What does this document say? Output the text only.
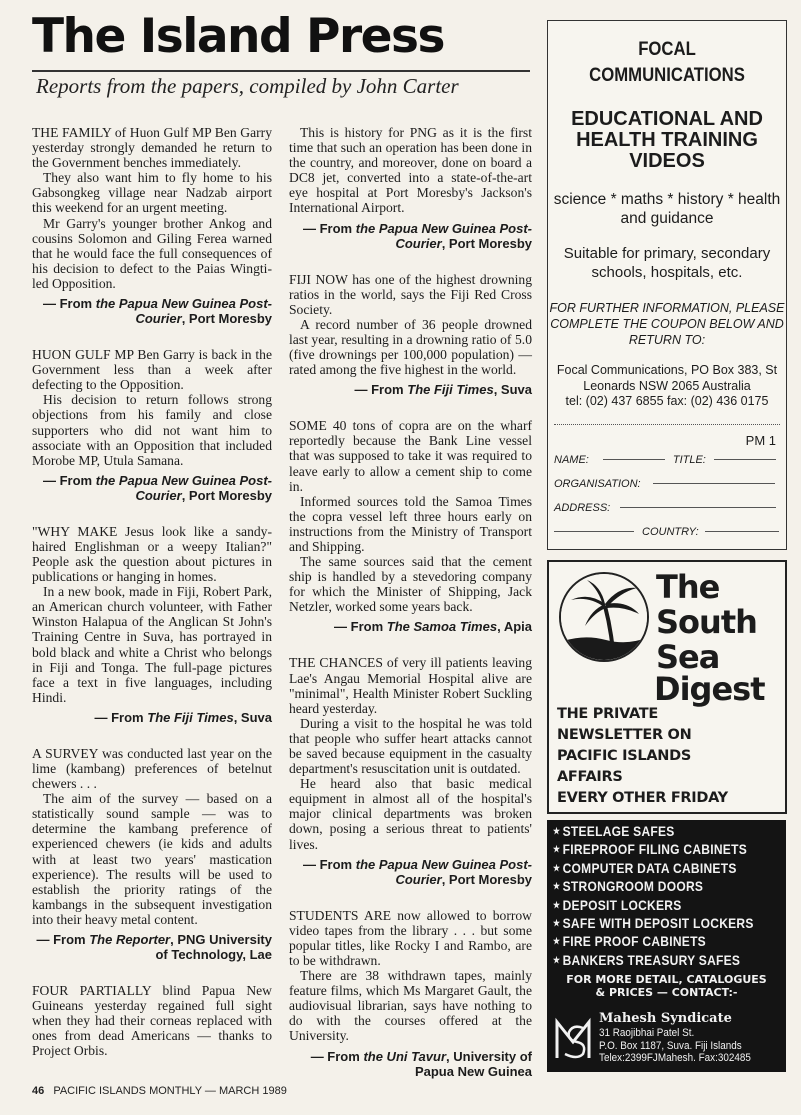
The Island Press
Reports from the papers, compiled by John Carter

THE FAMILY of Huon Gulf MP Ben Garry yesterday strongly demanded he return to the Government benches immediately.

They also want him to fly home to his Gabsongkeg village near Nadzab airport this weekend for an urgent meeting.

Mr Garry's younger brother Ankog and cousins Solomon and Giling Ferea warned that he would face the full consequences of his decision to defect to the Paias Wingti-led Opposition.

— From the Papua New Guinea Post-Courier, Port Moresby

HUON GULF MP Ben Garry is back in the Government less than a week after defecting to the Opposition.

His decision to return follows strong objections from his family and close supporters who did not want him to associate with an Opposition that included Morobe MP, Utula Samana.

— From the Papua New Guinea Post-Courier, Port Moresby

"WHY MAKE Jesus look like a sandy-haired Englishman or a weepy Italian?" People ask the question about pictures in publications or hanging in homes.

In a new book, made in Fiji, Robert Park, an American church volunteer, with Father Winston Halapua of the Anglican St John's Training Centre in Suva, has portrayed in bold black and white a Christ who belongs in Fiji and Tonga. The full-page pictures face a text in five languages, including Hindi.

— From The Fiji Times, Suva

A SURVEY was conducted last year on the lime (kambang) preferences of betelnut chewers . . .

The aim of the survey — based on a statistically sound sample — was to determine the kambang preference of experienced chewers (ie kids and adults with at least two years' mastication experience). The results will be used to establish the priority ratings of the kambangs in the subsequent investigation into their heavy metal content.

— From The Reporter, PNG University of Technology, Lae

FOUR PARTIALLY blind Papua New Guineans yesterday regained full sight when they had their corneas replaced with ones from dead Americans — thanks to Project Orbis.

This is history for PNG as it is the first time that such an operation has been done in the country, and moreover, done on board a DC8 jet, converted into a state-of-the-art eye hospital at Port Moresby's Jackson's International Airport.

— From the Papua New Guinea Post-Courier, Port Moresby

FIJI NOW has one of the highest drowning ratios in the world, says the Fiji Red Cross Society.

A record number of 36 people drowned last year, resulting in a drowning ratio of 5.0 (five drownings per 100,000 population) — rated among the five highest in the world.

— From The Fiji Times, Suva

SOME 40 tons of copra are on the wharf reportedly because the Bank Line vessel that was supposed to take it was required to leave early to allow a cement ship to come in.

Informed sources told the Samoa Times the copra vessel left three hours early on instructions from the Ministry of Transport and Shipping.

The same sources said that the cement ship is handled by a stevedoring company for which the Minister of Shipping, Jack Netzler, worked some years back.

— From The Samoa Times, Apia

THE CHANCES of very ill patients leaving Lae's Angau Memorial Hospital alive are "minimal", Health Minister Robert Suckling heard yesterday.

During a visit to the hospital he was told that people who suffer heart attacks cannot be saved because equipment in the casualty department's resuscitation unit is outdated.

He heard also that basic medical equipment in almost all of the hospital's major clinical departments was broken down, posing a serious threat to patients' lives.

— From the Papua New Guinea Post-Courier, Port Moresby

STUDENTS ARE now allowed to borrow video tapes from the library . . . but some popular titles, like Rocky I and Rambo, are to be withdrawn.

There are 38 withdrawn tapes, mainly feature films, which Ms Margaret Gault, the audiovisual librarian, says have nothing to do with the courses offered at the University.

— From the Uni Tavur, University of Papua New Guinea
46 PACIFIC ISLANDS MONTHLY — MARCH 1989
FOCAL COMMUNICATIONS
EDUCATIONAL AND HEALTH TRAINING VIDEOS
science * maths * history * health and guidance
Suitable for primary, secondary schools, hospitals, etc.
FOR FURTHER INFORMATION, PLEASE COMPLETE THE COUPON BELOW AND RETURN TO:
Focal Communications, PO Box 383, St Leonards NSW 2065 Australia
tel: (02) 437 6855 fax: (02) 436 0175
PM 1
NAME:	TITLE:
ORGANISATION:
ADDRESS:
COUNTRY:
The
South
Sea
Digest
THE PRIVATE
NEWSLETTER ON
PACIFIC ISLANDS
AFFAIRS
EVERY OTHER FRIDAY
★ STEELAGE SAFES
★ FIREPROOF FILING CABINETS
★ COMPUTER DATA CABINETS
★ STRONGROOM DOORS
★ DEPOSIT LOCKERS
★ SAFE WITH DEPOSIT LOCKERS
★ FIRE PROOF CABINETS
★ BANKERS TREASURY SAFES
FOR MORE DETAIL, CATALOGUES
& PRICES — CONTACT:-
Mahesh Syndicate
31 Raojibhai Patel St.
P.O. Box 1187, Suva. Fiji Islands
Telex:2399FJMahesh. Fax:302485
